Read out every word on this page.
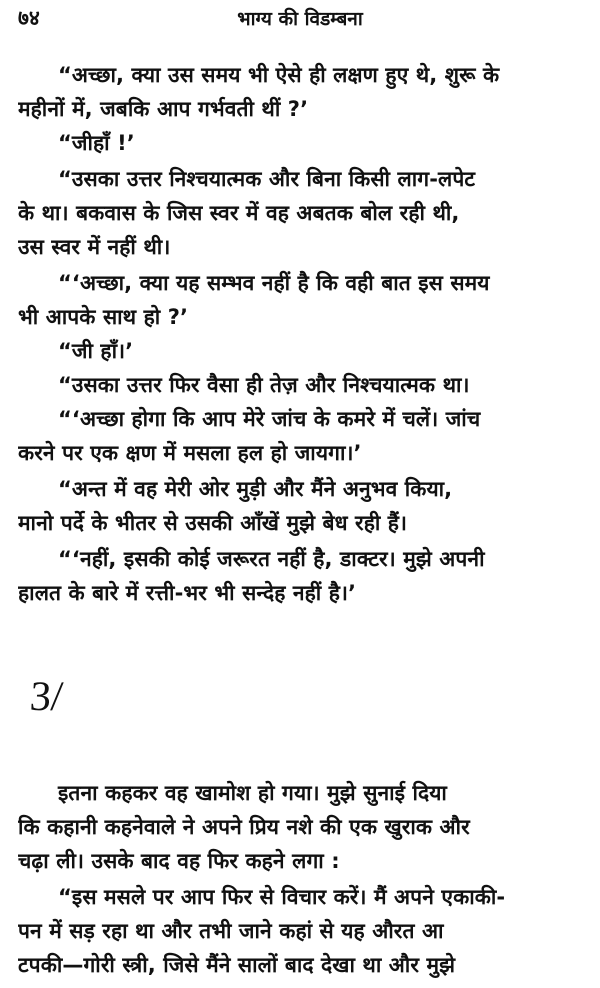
७४	भाग्य की विडम्बना
“अच्छा, क्या उस समय भी ऐसे ही लक्षण हुए थे, शुरू के
महीनों में, जबकि आप गर्भवती थीं ?’
“जीहाँ !’
“उसका उत्तर निश्चयात्मक और बिना किसी लाग-लपेट
के था। बकवास के जिस स्वर में वह अबतक बोल रही थी,
उस स्वर में नहीं थी।
“‘अच्छा, क्या यह सम्भव नहीं है कि वही बात इस समय
भी आपके साथ हो ?’
“जी हाँ।’
“उसका उत्तर फिर वैसा ही तेज़ और निश्चयात्मक था।
“‘अच्छा होगा कि आप मेरे जांच के कमरे में चलें। जांच
करने पर एक क्षण में मसला हल हो जायगा।’
“अन्त में वह मेरी ओर मुड़ी और मैंने अनुभव किया,
मानो पर्दे के भीतर से उसकी आँखें मुझे बेध रही हैं।
“‘नहीं, इसकी कोई जरूरत नहीं है, डाक्टर। मुझे अपनी
हालत के बारे में रत्ती-भर भी सन्देह नहीं है।’
3/
इतना कहकर वह खामोश हो गया। मुझे सुनाई दिया
कि कहानी कहनेवाले ने अपने प्रिय नशे की एक खुराक और
चढ़ा ली। उसके बाद वह फिर कहने लगा :
“इस मसले पर आप फिर से विचार करें। मैं अपने एकाकी-
पन में सड़ रहा था और तभी जाने कहां से यह औरत आ
टपकी—गोरी स्त्री, जिसे मैंने सालों बाद देखा था और मुझे
